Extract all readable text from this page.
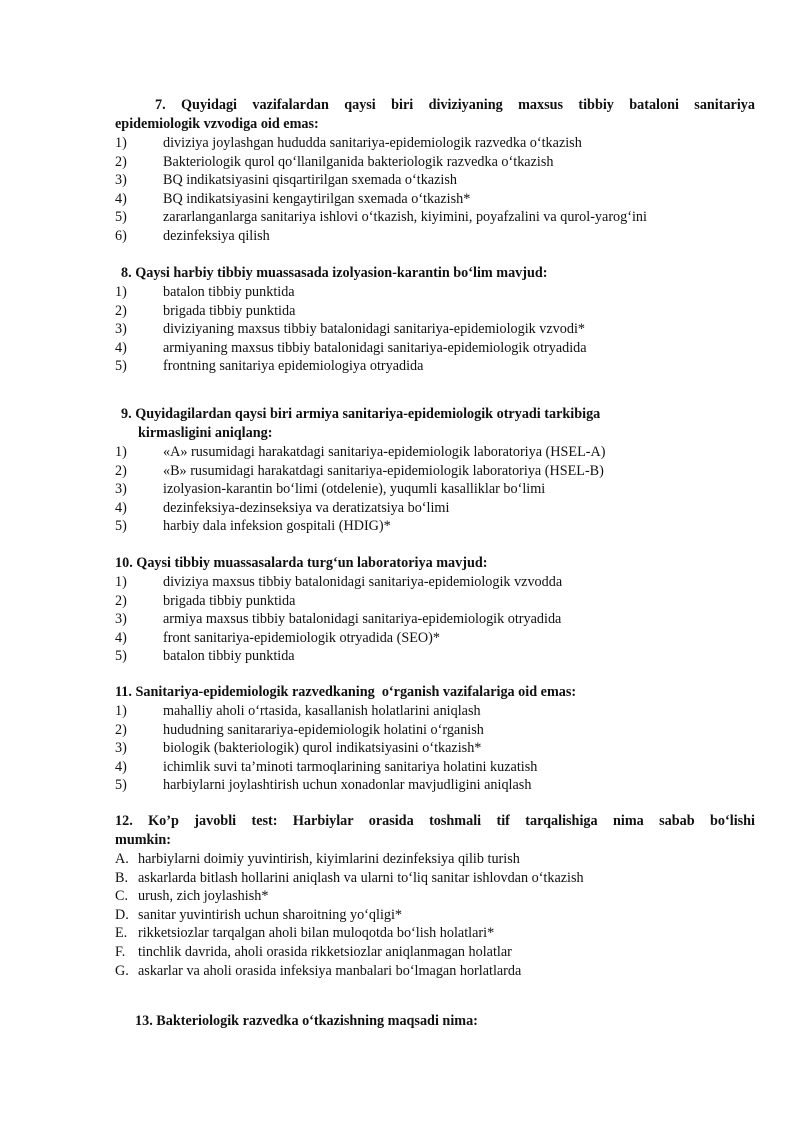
7. Quyidagi vazifalardan qaysi biri diviziyaning maxsus tibbiy bataloni sanitariya
epidemiologik vzvodiga oid emas:
1)	diviziya joylashgan hududda sanitariya-epidemiologik razvedka o‘tkazish
2)	Bakteriologik qurol qo‘llanilganida bakteriologik razvedka o‘tkazish
3)	BQ indikatsiyasini qisqartirilgan sxemada o‘tkazish
4)	BQ indikatsiyasini kengaytirilgan sxemada o‘tkazish*
5)	zararlanganlarga sanitariya ishlovi o‘tkazish, kiyimini, poyafzalini va qurol-yarog‘ini
6)	dezinfeksiya qilish
8. Qaysi harbiy tibbiy muassasada izolyasion-karantin bo‘lim mavjud:
1)	batalon tibbiy punktida
2)	brigada tibbiy punktida
3)	diviziyaning maxsus tibbiy batalonidagi sanitariya-epidemiologik vzvodi*
4)	armiyaning maxsus tibbiy batalonidagi sanitariya-epidemiologik otryadida
5)	frontning sanitariya epidemiologiya otryadida
9. Quyidagilardan qaysi biri armiya sanitariya-epidemiologik otryadi tarkibiga
kirmasligini aniqlang:
1)	«A» rusumidagi harakatdagi sanitariya-epidemiologik laboratoriya (HSEL-A)
2)	«B» rusumidagi harakatdagi sanitariya-epidemiologik laboratoriya (HSEL-B)
3)	izolyasion-karantin bo‘limi (otdelenie), yuqumli kasalliklar bo‘limi
4)	dezinfeksiya-dezinseksiya va deratizatsiya bo‘limi
5)	harbiy dala infeksion gospitali (HDIG)*
10. Qaysi tibbiy muassasalarda turg‘un laboratoriya mavjud:
1)	diviziya maxsus tibbiy batalonidagi sanitariya-epidemiologik vzvodda
2)	brigada tibbiy punktida
3)	armiya maxsus tibbiy batalonidagi sanitariya-epidemiologik otryadida
4)	front sanitariya-epidemiologik otryadida (SEO)*
5)	batalon tibbiy punktida
11. Sanitariya-epidemiologik razvedkaning  o‘rganish vazifalariga oid emas:
1)	mahalliy aholi o‘rtasida, kasallanish holatlarini aniqlash
2)	hududning sanitarariya-epidemiologik holatini o‘rganish
3)	biologik (bakteriologik) qurol indikatsiyasini o‘tkazish*
4)	ichimlik suvi ta’minoti tarmoqlarining sanitariya holatini kuzatish
5)	harbiylarni joylashtirish uchun xonadonlar mavjudligini aniqlash
12. Ko’p javobli test: Harbiylar orasida toshmali tif tarqalishiga nima sabab bo‘lishi
mumkin:
A. harbiylarni doimiy yuvintirish, kiyimlarini dezinfeksiya qilib turish
B. askarlarda bitlash hollarini aniqlash va ularni to‘liq sanitar ishlovdan o‘tkazish
C. urush, zich joylashish*
D. sanitar yuvintirish uchun sharoitning yo‘qligi*
E. rikketsiozlar tarqalgan aholi bilan muloqotda bo‘lish holatlari*
F. tinchlik davrida, aholi orasida rikketsiozlar aniqlanmagan holatlar
G. askarlar va aholi orasida infeksiya manbalari bo‘lmagan horlatlarda
13. Bakteriologik razvedka o‘tkazishning maqsadi nima:
